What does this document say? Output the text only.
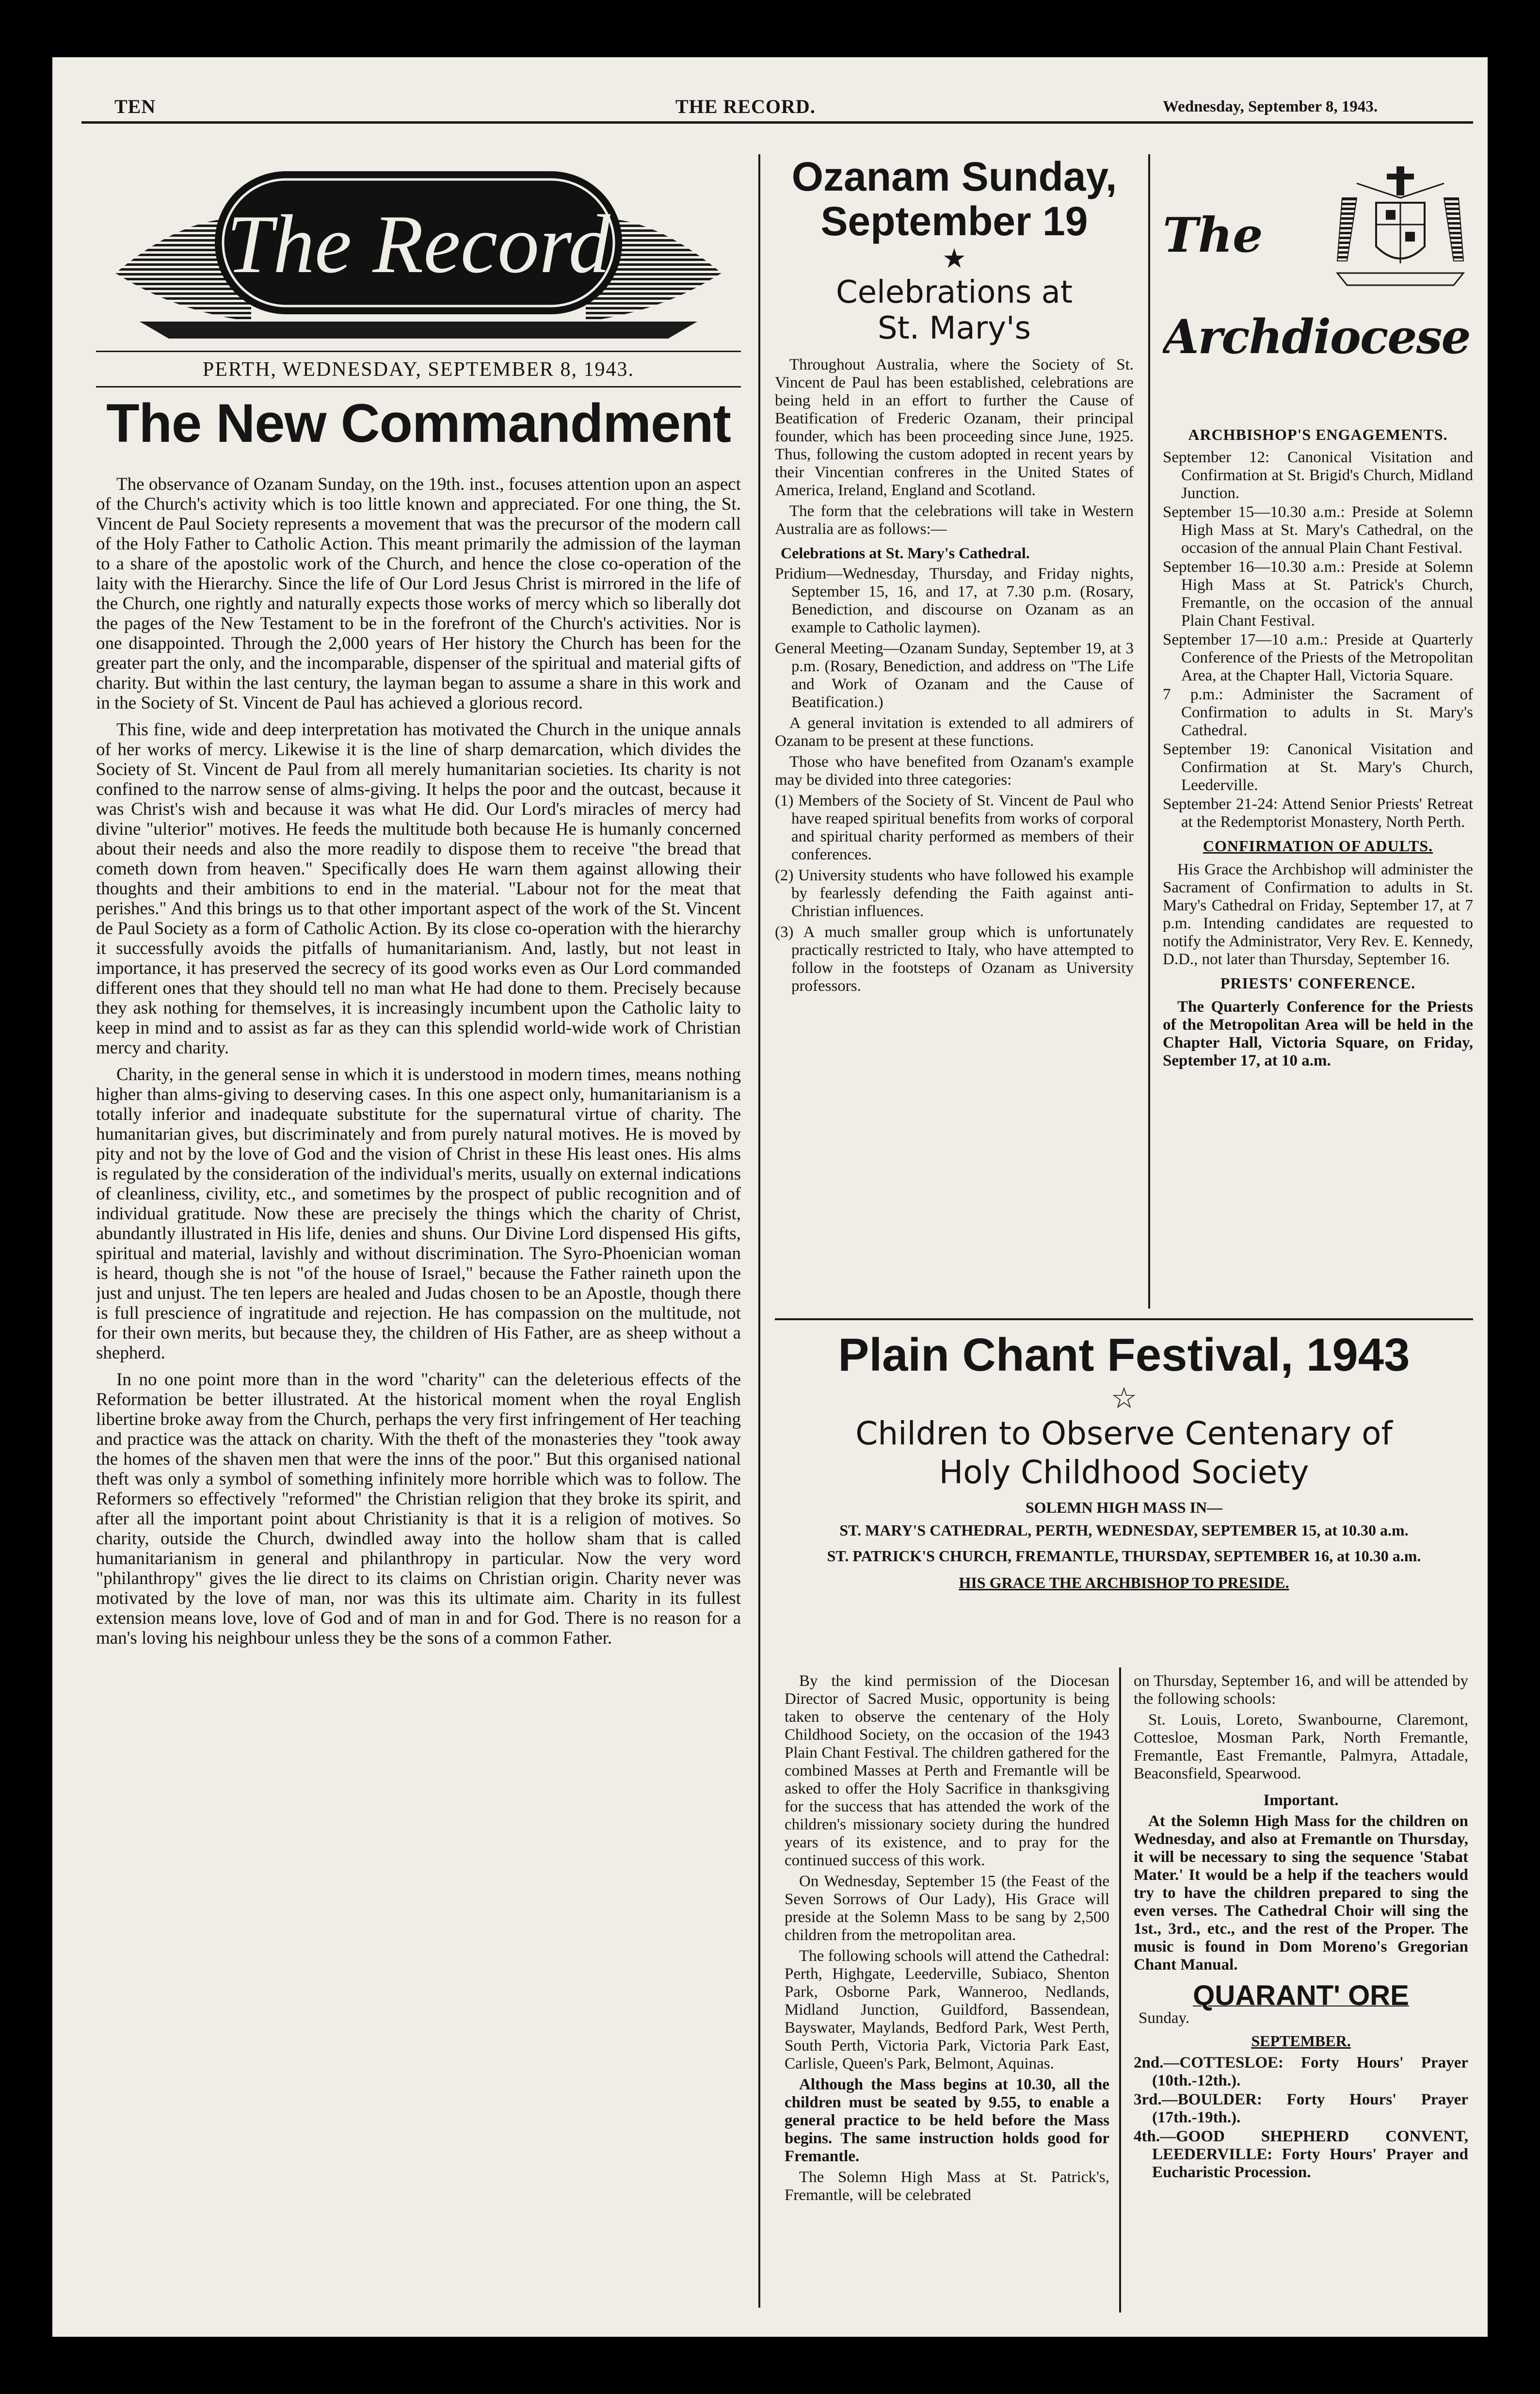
TEN	THE RECORD.	Wednesday, September 8, 1943.
The Record
PERTH, WEDNESDAY, SEPTEMBER 8, 1943.
The New Commandment

The observance of Ozanam Sunday, on the 19th. inst., focuses attention upon an aspect of the Church's activity which is too little known and appreciated. For one thing, the St. Vincent de Paul Society represents a movement that was the precursor of the modern call of the Holy Father to Catholic Action. This meant primarily the admission of the layman to a share of the apostolic work of the Church, and hence the close co-operation of the laity with the Hierarchy. Since the life of Our Lord Jesus Christ is mirrored in the life of the Church, one rightly and naturally expects those works of mercy which so liberally dot the pages of the New Testament to be in the forefront of the Church's activities. Nor is one disappointed. Through the 2,000 years of Her history the Church has been for the greater part the only, and the incomparable, dispenser of the spiritual and material gifts of charity. But within the last century, the layman began to assume a share in this work and in the Society of St. Vincent de Paul has achieved a glorious record.

This fine, wide and deep interpretation has motivated the Church in the unique annals of her works of mercy. Likewise it is the line of sharp demarcation, which divides the Society of St. Vincent de Paul from all merely humanitarian societies. Its charity is not confined to the narrow sense of alms-giving. It helps the poor and the outcast, because it was Christ's wish and because it was what He did. Our Lord's miracles of mercy had divine "ulterior" motives. He feeds the multitude both because He is humanly concerned about their needs and also the more readily to dispose them to receive "the bread that cometh down from heaven." Specifically does He warn them against allowing their thoughts and their ambitions to end in the material. "Labour not for the meat that perishes." And this brings us to that other important aspect of the work of the St. Vincent de Paul Society as a form of Catholic Action. By its close co-operation with the hierarchy it successfully avoids the pitfalls of humanitarianism. And, lastly, but not least in importance, it has preserved the secrecy of its good works even as Our Lord commanded different ones that they should tell no man what He had done to them. Precisely because they ask nothing for themselves, it is increasingly incumbent upon the Catholic laity to keep in mind and to assist as far as they can this splendid world-wide work of Christian mercy and charity.

Charity, in the general sense in which it is understood in modern times, means nothing higher than alms-giving to deserving cases. In this one aspect only, humanitarianism is a totally inferior and inadequate substitute for the supernatural virtue of charity. The humanitarian gives, but discriminately and from purely natural motives. He is moved by pity and not by the love of God and the vision of Christ in these His least ones. His alms is regulated by the consideration of the individual's merits, usually on external indications of cleanliness, civility, etc., and sometimes by the prospect of public recognition and of individual gratitude. Now these are precisely the things which the charity of Christ, abundantly illustrated in His life, denies and shuns. Our Divine Lord dispensed His gifts, spiritual and material, lavishly and without discrimination. The Syro-Phoenician woman is heard, though she is not "of the house of Israel," because the Father raineth upon the just and unjust. The ten lepers are healed and Judas chosen to be an Apostle, though there is full prescience of ingratitude and rejection. He has compassion on the multitude, not for their own merits, but because they, the children of His Father, are as sheep without a shepherd.

In no one point more than in the word "charity" can the deleterious effects of the Reformation be better illustrated. At the historical moment when the royal English libertine broke away from the Church, perhaps the very first infringement of Her teaching and practice was the attack on charity. With the theft of the monasteries they "took away the homes of the shaven men that were the inns of the poor." But this organised national theft was only a symbol of something infinitely more horrible which was to follow. The Reformers so effectively "reformed" the Christian religion that they broke its spirit, and after all the important point about Christianity is that it is a religion of motives. So charity, outside the Church, dwindled away into the hollow sham that is called humanitarianism in general and philanthropy in particular. Now the very word "philanthropy" gives the lie direct to its claims on Christian origin. Charity never was motivated by the love of man, nor was this its ultimate aim. Charity in its fullest extension means love, love of God and of man in and for God. There is no reason for a man's loving his neighbour unless they be the sons of a common Father.

Ozanam Sunday,
September 19
★
Celebrations at
St. Mary's

Throughout Australia, where the Society of St. Vincent de Paul has been established, celebrations are being held in an effort to further the Cause of Beatification of Frederic Ozanam, their principal founder, which has been proceeding since June, 1925. Thus, following the custom adopted in recent years by their Vincentian confreres in the United States of America, Ireland, England and Scotland.

The form that the celebrations will take in Western Australia are as follows:—

Celebrations at St. Mary's Cathedral.

Pridium—Wednesday, Thursday, and Friday nights, September 15, 16, and 17, at 7.30 p.m. (Rosary, Benediction, and discourse on Ozanam as an example to Catholic laymen).

General Meeting—Ozanam Sunday, September 19, at 3 p.m. (Rosary, Benediction, and address on "The Life and Work of Ozanam and the Cause of Beatification.)

A general invitation is extended to all admirers of Ozanam to be present at these functions.

Those who have benefited from Ozanam's example may be divided into three categories:

(1) Members of the Society of St. Vincent de Paul who have reaped spiritual benefits from works of corporal and spiritual charity performed as members of their conferences.

(2) University students who have followed his example by fearlessly defending the Faith against anti-Christian influences.

(3) A much smaller group which is unfortunately practically restricted to Italy, who have attempted to follow in the footsteps of Ozanam as University professors.

The
Archdiocese
ARCHBISHOP'S ENGAGEMENTS.

September 12: Canonical Visitation and Confirmation at St. Brigid's Church, Midland Junction.

September 15—10.30 a.m.: Preside at Solemn High Mass at St. Mary's Cathedral, on the occasion of the annual Plain Chant Festival.

September 16—10.30 a.m.: Preside at Solemn High Mass at St. Patrick's Church, Fremantle, on the occasion of the annual Plain Chant Festival.

September 17—10 a.m.: Preside at Quarterly Conference of the Priests of the Metropolitan Area, at the Chapter Hall, Victoria Square.

7 p.m.: Administer the Sacrament of Confirmation to adults in St. Mary's Cathedral.

September 19: Canonical Visitation and Confirmation at St. Mary's Church, Leederville.

September 21-24: Attend Senior Priests' Retreat at the Redemptorist Monastery, North Perth.

CONFIRMATION OF ADULTS.

His Grace the Archbishop will administer the Sacrament of Confirmation to adults in St. Mary's Cathedral on Friday, September 17, at 7 p.m. Intending candidates are requested to notify the Administrator, Very Rev. E. Kennedy, D.D., not later than Thursday, September 16.

PRIESTS' CONFERENCE.

The Quarterly Conference for the Priests of the Metropolitan Area will be held in the Chapter Hall, Victoria Square, on Friday, September 17, at 10 a.m.

Plain Chant Festival, 1943
☆
Children to Observe Centenary of
Holy Childhood Society
SOLEMN HIGH MASS IN—
ST. MARY'S CATHEDRAL, PERTH, WEDNESDAY, SEPTEMBER 15, at 10.30 a.m.
ST. PATRICK'S CHURCH, FREMANTLE, THURSDAY, SEPTEMBER 16, at 10.30 a.m.
HIS GRACE THE ARCHBISHOP TO PRESIDE.

By the kind permission of the Diocesan Director of Sacred Music, opportunity is being taken to observe the centenary of the Holy Childhood Society, on the occasion of the 1943 Plain Chant Festival. The children gathered for the combined Masses at Perth and Fremantle will be asked to offer the Holy Sacrifice in thanksgiving for the success that has attended the work of the children's missionary society during the hundred years of its existence, and to pray for the continued success of this work.

On Wednesday, September 15 (the Feast of the Seven Sorrows of Our Lady), His Grace will preside at the Solemn Mass to be sang by 2,500 children from the metropolitan area.

The following schools will attend the Cathedral: Perth, Highgate, Leederville, Subiaco, Shenton Park, Osborne Park, Wanneroo, Nedlands, Midland Junction, Guildford, Bassendean, Bayswater, Maylands, Bedford Park, West Perth, South Perth, Victoria Park, Victoria Park East, Carlisle, Queen's Park, Belmont, Aquinas.

Although the Mass begins at 10.30, all the children must be seated by 9.55, to enable a general practice to be held before the Mass begins. The same instruction holds good for Fremantle.

The Solemn High Mass at St. Patrick's, Fremantle, will be celebrated

on Thursday, September 16, and will be attended by the following schools:

St. Louis, Loreto, Swanbourne, Claremont, Cottesloe, Mosman Park, North Fremantle, Fremantle, East Fremantle, Palmyra, Attadale, Beaconsfield, Spearwood.

Important.

At the Solemn High Mass for the children on Wednesday, and also at Fremantle on Thursday, it will be necessary to sing the sequence 'Stabat Mater.' It would be a help if the teachers would try to have the children prepared to sing the even verses. The Cathedral Choir will sing the 1st., 3rd., etc., and the rest of the Proper. The music is found in Dom Moreno's Gregorian Chant Manual.

QUARANT' ORE
Sunday.
SEPTEMBER.

2nd.—COTTESLOE: Forty Hours' Prayer (10th.-12th.).

3rd.—BOULDER: Forty Hours' Prayer (17th.-19th.).

4th.—GOOD SHEPHERD CONVENT, LEEDERVILLE: Forty Hours' Prayer and Eucharistic Procession.
